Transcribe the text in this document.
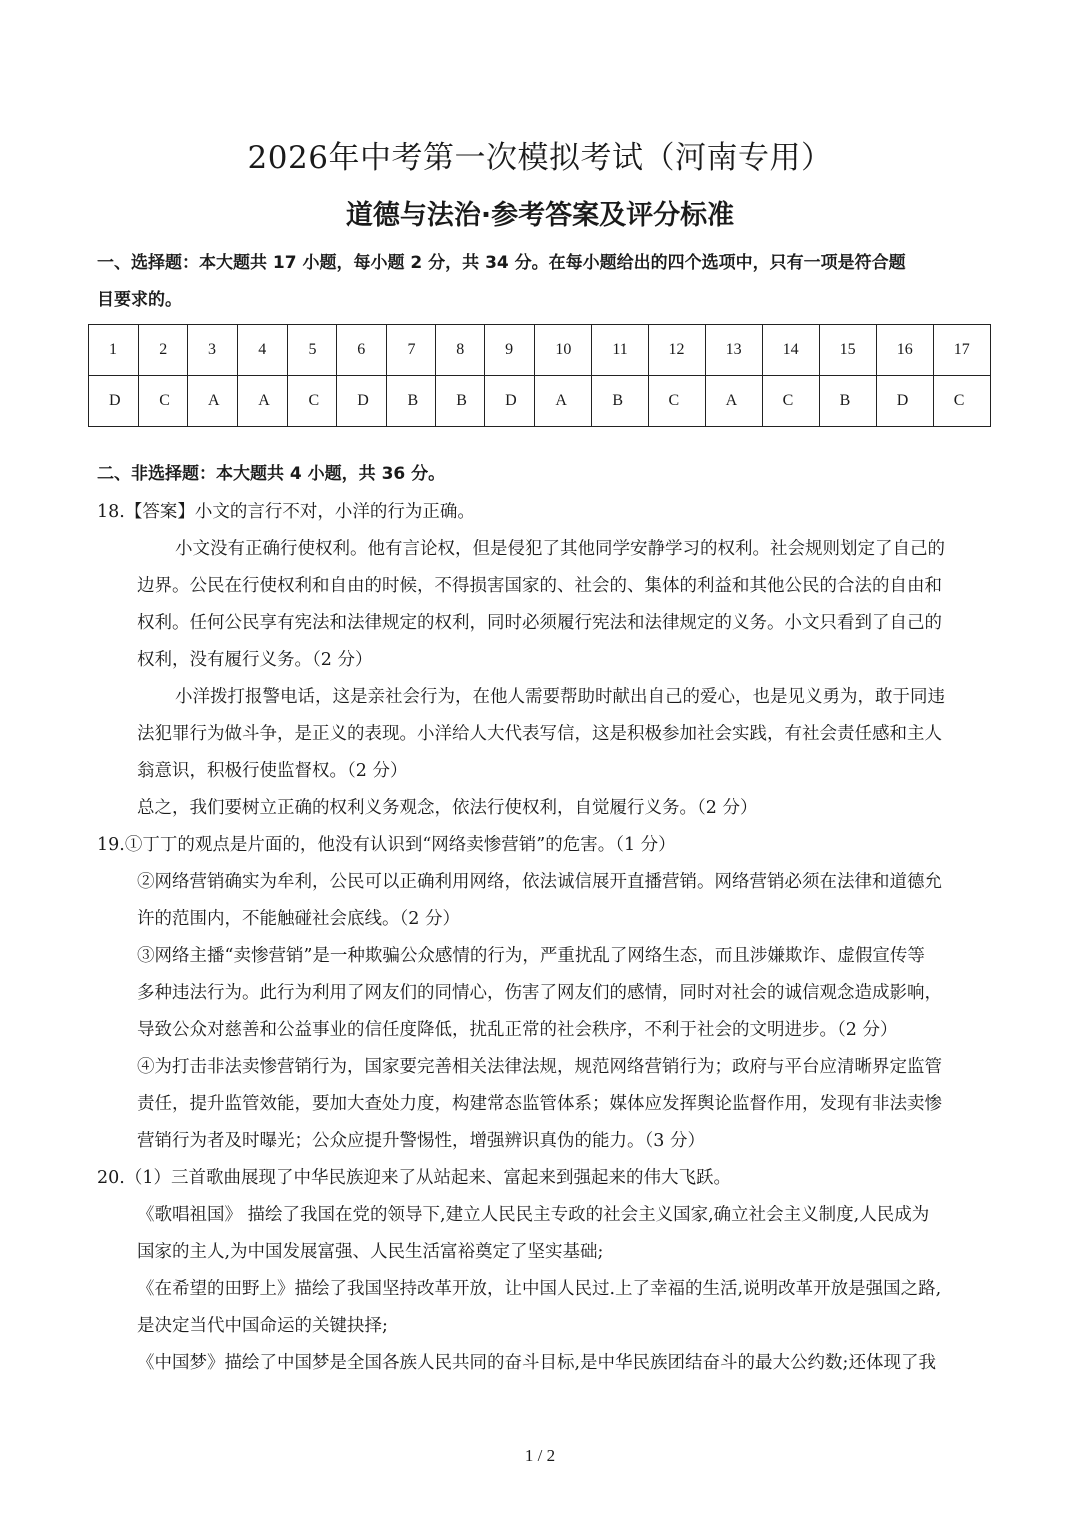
2026年中考第一次模拟考试（河南专用）
道德与法治·参考答案及评分标准
一、选择题：本大题共 17 小题，每小题 2 分，共 34 分。在每小题给出的四个选项中，只有一项是符合题
目要求的。
1	2	3	4	5	6	7	8	9	10	11	12	13	14	15	16	17
D	C	A	A	C	D	B	B	D	A	B	C	A	C	B	D	C
二、非选择题：本大题共 4 小题，共 36 分。
18.【答案】小文的言行不对，小洋的行为正确。
小文没有正确行使权利。他有言论权，但是侵犯了其他同学安静学习的权利。社会规则划定了自己的
边界。公民在行使权利和自由的时候，不得损害国家的、社会的、集体的利益和其他公民的合法的自由和
权利。任何公民享有宪法和法律规定的权利，同时必须履行宪法和法律规定的义务。小文只看到了自己的
权利，没有履行义务。（2 分）
小洋拨打报警电话，这是亲社会行为，在他人需要帮助时献出自己的爱心，也是见义勇为，敢于同违
法犯罪行为做斗争，是正义的表现。小洋给人大代表写信，这是积极参加社会实践，有社会责任感和主人
翁意识，积极行使监督权。（2 分）
总之，我们要树立正确的权利义务观念，依法行使权利，自觉履行义务。（2 分）
19.①丁丁的观点是片面的，他没有认识到“网络卖惨营销”的危害。（1 分）
②网络营销确实为牟利，公民可以正确利用网络，依法诚信展开直播营销。网络营销必须在法律和道德允
许的范围内，不能触碰社会底线。（2 分）
③网络主播“卖惨营销”是一种欺骗公众感情的行为，严重扰乱了网络生态，而且涉嫌欺诈、虚假宣传等
多种违法行为。此行为利用了网友们的同情心，伤害了网友们的感情，同时对社会的诚信观念造成影响，
导致公众对慈善和公益事业的信任度降低，扰乱正常的社会秩序，不利于社会的文明进步。（2 分）
④为打击非法卖惨营销行为，国家要完善相关法律法规，规范网络营销行为；政府与平台应清晰界定监管
责任，提升监管效能，要加大查处力度，构建常态监管体系；媒体应发挥舆论监督作用，发现有非法卖惨
营销行为者及时曝光；公众应提升警惕性，增强辨识真伪的能力。（3 分）
20.（1）三首歌曲展现了中华民族迎来了从站起来、富起来到强起来的伟大飞跃。
《歌唱祖国》 描绘了我国在党的领导下,建立人民民主专政的社会主义国家,确立社会主义制度,人民成为
国家的主人,为中国发展富强、人民生活富裕奠定了坚实基础;
《在希望的田野上》描绘了我国坚持改革开放，让中国人民过.上了幸福的生活,说明改革开放是强国之路,
是决定当代中国命运的关键抉择;
《中国梦》描绘了中国梦是全国各族人民共同的奋斗目标,是中华民族团结奋斗的最大公约数;还体现了我
1 / 2
